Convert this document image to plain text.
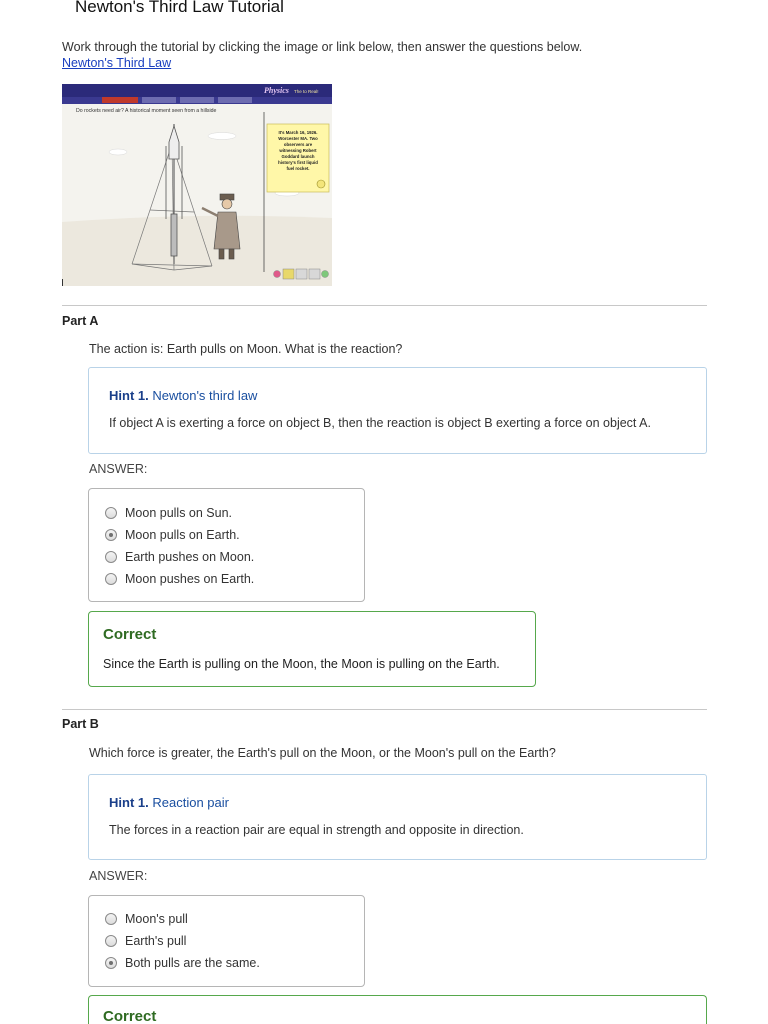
Newton's Third Law Tutorial
Work through the tutorial by clicking the image or link below, then answer the questions below.
Newton's Third Law
Physics The to Real!
Do rockets need air? A historical moment seen from a hillside
It's March 16, 1926.
Worcester MA. Two
observers are
witnessing Robert
Goddard launch
history's first liquid
fuel rocket.
Part A
The action is: Earth pulls on Moon. What is the reaction?
Hint 1. Newton's third law
If object A is exerting a force on object B, then the reaction is object B exerting a force on object A.
ANSWER:
Moon pulls on Sun.
Moon pulls on Earth.
Earth pushes on Moon.
Moon pushes on Earth.
Correct
Since the Earth is pulling on the Moon, the Moon is pulling on the Earth.
Part B
Which force is greater, the Earth's pull on the Moon, or the Moon's pull on the Earth?
Hint 1. Reaction pair
The forces in a reaction pair are equal in strength and opposite in direction.
ANSWER:
Moon's pull
Earth's pull
Both pulls are the same.
Correct
